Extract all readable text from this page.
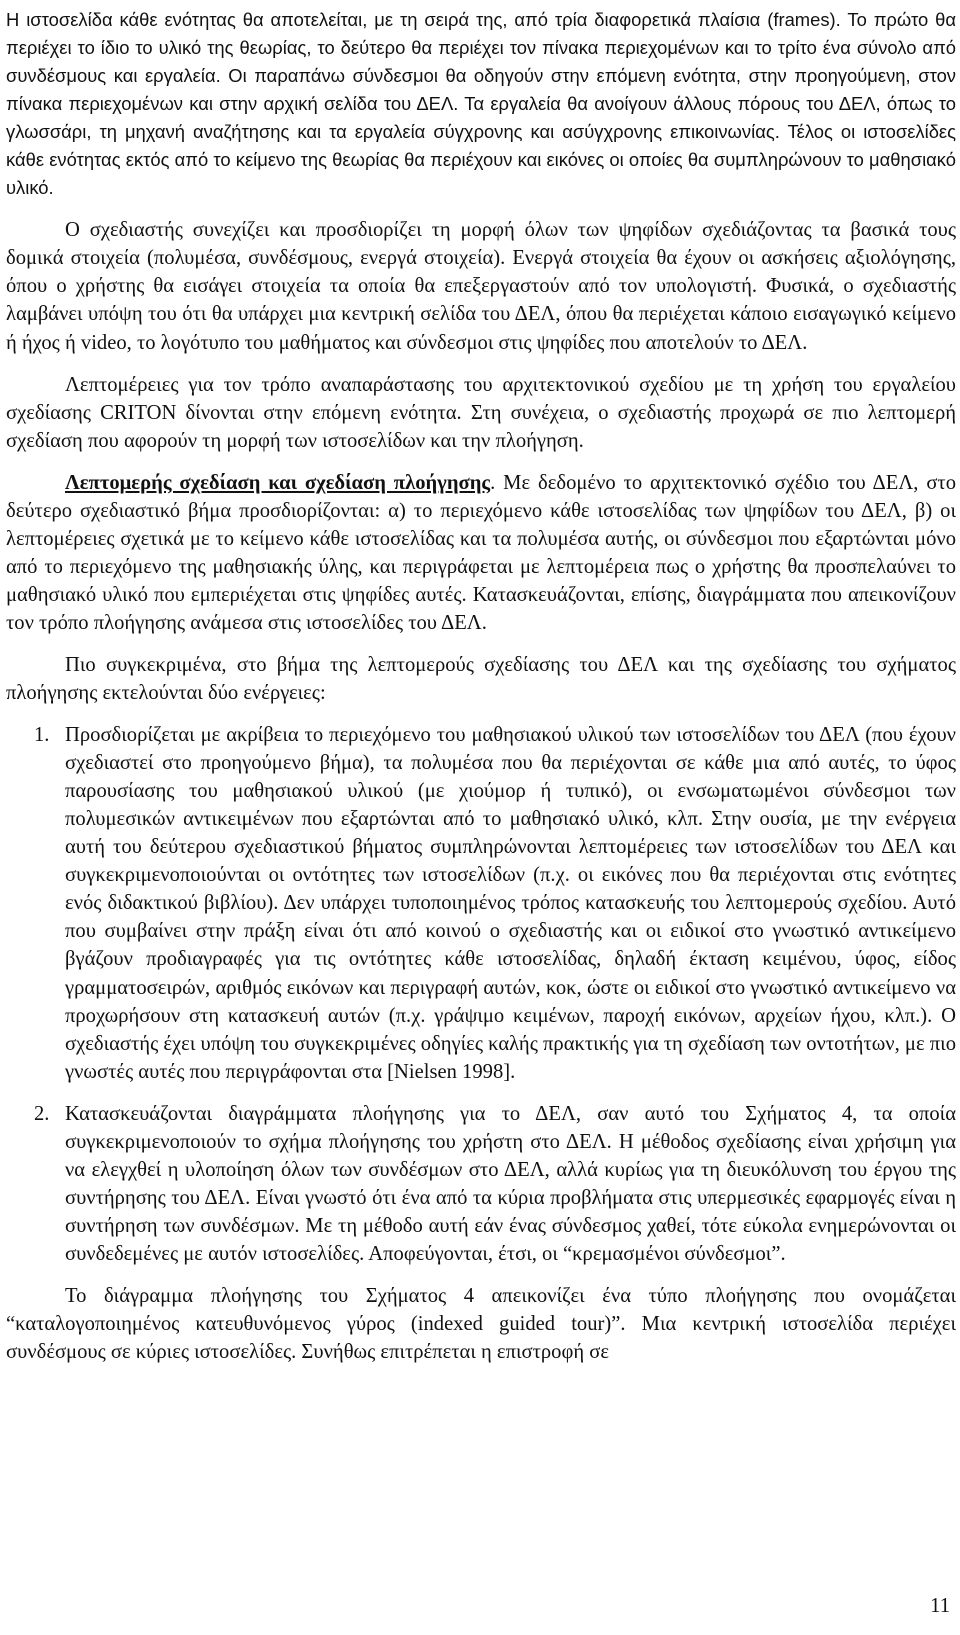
Η ιστοσελίδα κάθε ενότητας θα αποτελείται, με τη σειρά της, από τρία διαφορετικά πλαίσια (frames). Το πρώτο θα περιέχει το ίδιο το υλικό της θεωρίας, το δεύτερο θα περιέχει τον πίνακα περιεχομένων και το τρίτο ένα σύνολο από συνδέσμους και εργαλεία. Οι παραπάνω σύνδεσμοι θα οδηγούν στην επόμενη ενότητα, στην προηγούμενη, στον πίνακα περιεχομένων και στην αρχική σελίδα του ΔΕΛ. Τα εργαλεία θα ανοίγουν άλλους πόρους του ΔΕΛ, όπως το γλωσσάρι, τη μηχανή αναζήτησης και τα εργαλεία σύγχρονης και ασύγχρονης επικοινωνίας. Τέλος οι ιστοσελίδες κάθε ενότητας εκτός από το κείμενο της θεωρίας θα περιέχουν και εικόνες οι οποίες θα συμπληρώνουν το μαθησιακό υλικό.

Ο σχεδιαστής συνεχίζει και προσδιορίζει τη μορφή όλων των ψηφίδων σχεδιάζοντας τα βασικά τους δομικά στοιχεία (πολυμέσα, συνδέσμους, ενεργά στοιχεία). Ενεργά στοιχεία θα έχουν οι ασκήσεις αξιολόγησης, όπου ο χρήστης θα εισάγει στοιχεία τα οποία θα επεξεργαστούν από τον υπολογιστή. Φυσικά, ο σχεδιαστής λαμβάνει υπόψη του ότι θα υπάρχει μια κεντρική σελίδα του ΔΕΛ, όπου θα περιέχεται κάποιο εισαγωγικό κείμενο ή ήχος ή video, το λογότυπο του μαθήματος και σύνδεσμοι στις ψηφίδες που αποτελούν το ΔΕΛ.

Λεπτομέρειες για τον τρόπο αναπαράστασης του αρχιτεκτονικού σχεδίου με τη χρήση του εργαλείου σχεδίασης CRITON δίνονται στην επόμενη ενότητα. Στη συνέχεια, ο σχεδιαστής προχωρά σε πιο λεπτομερή σχεδίαση που αφορούν τη μορφή των ιστοσελίδων και την πλοήγηση.

Λεπτομερής σχεδίαση και σχεδίαση πλοήγησης. Με δεδομένο το αρχιτεκτονικό σχέδιο του ΔΕΛ, στο δεύτερο σχεδιαστικό βήμα προσδιορίζονται: α) το περιεχόμενο κάθε ιστοσελίδας των ψηφίδων του ΔΕΛ, β) οι λεπτομέρειες σχετικά με το κείμενο κάθε ιστοσελίδας και τα πολυμέσα αυτής, οι σύνδεσμοι που εξαρτώνται μόνο από το περιεχόμενο της μαθησιακής ύλης, και περιγράφεται με λεπτομέρεια πως ο χρήστης θα προσπελαύνει το μαθησιακό υλικό που εμπεριέχεται στις ψηφίδες αυτές. Κατασκευάζονται, επίσης, διαγράμματα που απεικονίζουν τον τρόπο πλοήγησης ανάμεσα στις ιστοσελίδες του ΔΕΛ.

Πιο συγκεκριμένα, στο βήμα της λεπτομερούς σχεδίασης του ΔΕΛ και της σχεδίασης του σχήματος πλοήγησης εκτελούνται δύο ενέργειες:

1. Προσδιορίζεται με ακρίβεια το περιεχόμενο του μαθησιακού υλικού των ιστοσελίδων του ΔΕΛ (που έχουν σχεδιαστεί στο προηγούμενο βήμα), τα πολυμέσα που θα περιέχονται σε κάθε μια από αυτές, το ύφος παρουσίασης του μαθησιακού υλικού (με χιούμορ ή τυπικό), οι ενσωματωμένοι σύνδεσμοι των πολυμεσικών αντικειμένων που εξαρτώνται από το μαθησιακό υλικό, κλπ. Στην ουσία, με την ενέργεια αυτή του δεύτερου σχεδιαστικού βήματος συμπληρώνονται λεπτομέρειες των ιστοσελίδων του ΔΕΛ και συγκεκριμενοποιούνται οι οντότητες των ιστοσελίδων (π.χ. οι εικόνες που θα περιέχονται στις ενότητες ενός διδακτικού βιβλίου). Δεν υπάρχει τυποποιημένος τρόπος κατασκευής του λεπτομερούς σχεδίου. Αυτό που συμβαίνει στην πράξη είναι ότι από κοινού ο σχεδιαστής και οι ειδικοί στο γνωστικό αντικείμενο βγάζουν προδιαγραφές για τις οντότητες κάθε ιστοσελίδας, δηλαδή έκταση κειμένου, ύφος, είδος γραμματοσειρών, αριθμός εικόνων και περιγραφή αυτών, κοκ, ώστε οι ειδικοί στο γνωστικό αντικείμενο να προχωρήσουν στη κατασκευή αυτών (π.χ. γράψιμο κειμένων, παροχή εικόνων, αρχείων ήχου, κλπ.). Ο σχεδιαστής έχει υπόψη του συγκεκριμένες οδηγίες καλής πρακτικής για τη σχεδίαση των οντοτήτων, με πιο γνωστές αυτές που περιγράφονται στα [Nielsen 1998].
2. Κατασκευάζονται διαγράμματα πλοήγησης για το ΔΕΛ, σαν αυτό του Σχήματος 4, τα οποία συγκεκριμενοποιούν το σχήμα πλοήγησης του χρήστη στο ΔΕΛ. Η μέθοδος σχεδίασης είναι χρήσιμη για να ελεγχθεί η υλοποίηση όλων των συνδέσμων στο ΔΕΛ, αλλά κυρίως για τη διευκόλυνση του έργου της συντήρησης του ΔΕΛ. Είναι γνωστό ότι ένα από τα κύρια προβλήματα στις υπερμεσικές εφαρμογές είναι η συντήρηση των συνδέσμων. Με τη μέθοδο αυτή εάν ένας σύνδεσμος χαθεί, τότε εύκολα ενημερώνονται οι συνδεδεμένες με αυτόν ιστοσελίδες. Αποφεύγονται, έτσι, οι “κρεμασμένοι σύνδεσμοι”.

Το διάγραμμα πλοήγησης του Σχήματος 4 απεικονίζει ένα τύπο πλοήγησης που ονομάζεται “καταλογοποιημένος κατευθυνόμενος γύρος (indexed guided tour)”. Μια κεντρική ιστοσελίδα περιέχει συνδέσμους σε κύριες ιστοσελίδες. Συνήθως επιτρέπεται η επιστροφή σε

11
